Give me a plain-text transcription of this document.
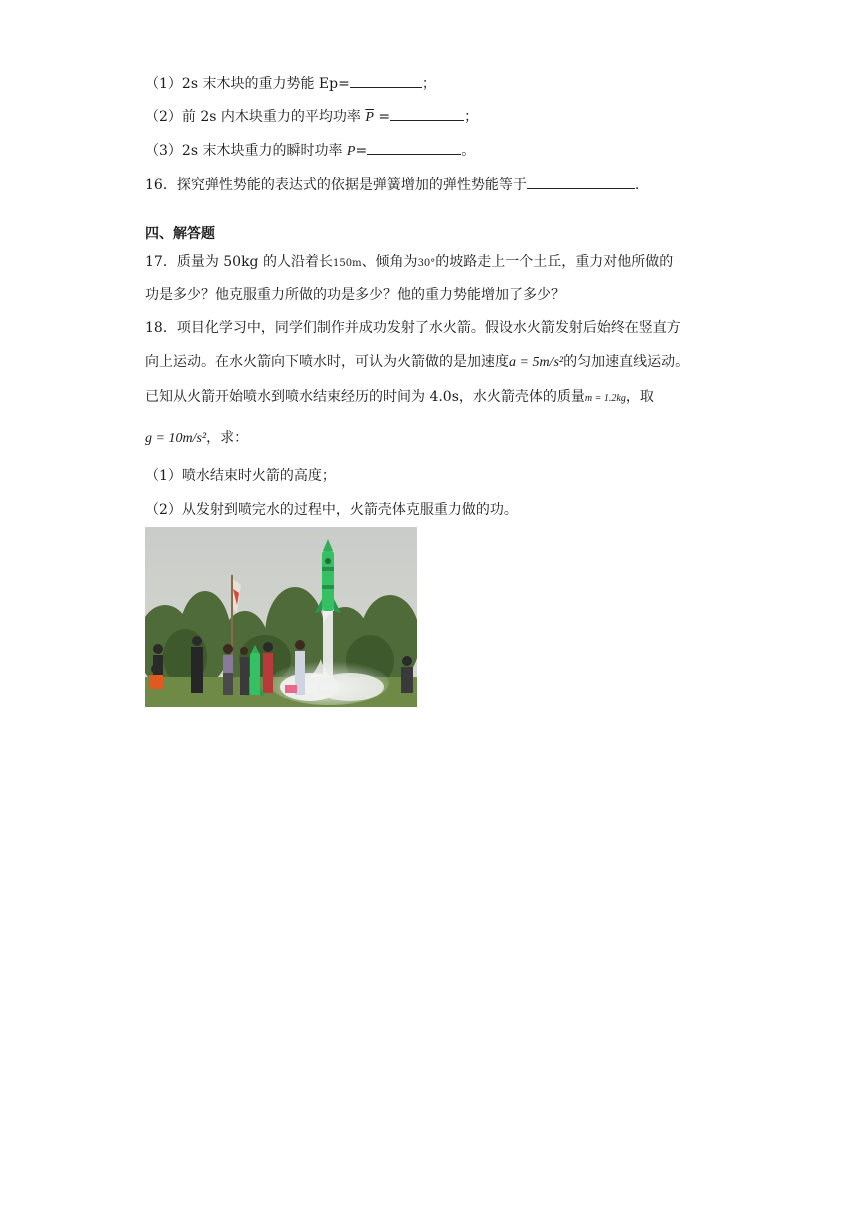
（1）2s 末木块的重力势能 Ep=	；
（2）前 2s 内木块重力的平均功率 $\overline{P}$ =	；
（3）2s 末木块重力的瞬时功率 P=	。
16．探究弹性势能的表达式的依据是弹簧增加的弹性势能等于	.
四、解答题
17．质量为 50kg 的人沿着长150m、倾角为30°的坡路走上一个土丘，重力对他所做的
功是多少？他克服重力所做的功是多少？他的重力势能增加了多少？
18．项目化学习中，同学们制作并成功发射了水火箭。假设水火箭发射后始终在竖直方
向上运动。在水火箭向下喷水时，可认为火箭做的是加速度a = 5m/s²的匀加速直线运动。
已知从火箭开始喷水到喷水结束经历的时间为 4.0s，水火箭壳体的质量m = 1.2kg，取
g = 10m/s²，求：
（1）喷水结束时火箭的高度；
（2）从发射到喷完水的过程中，火箭壳体克服重力做的功。
